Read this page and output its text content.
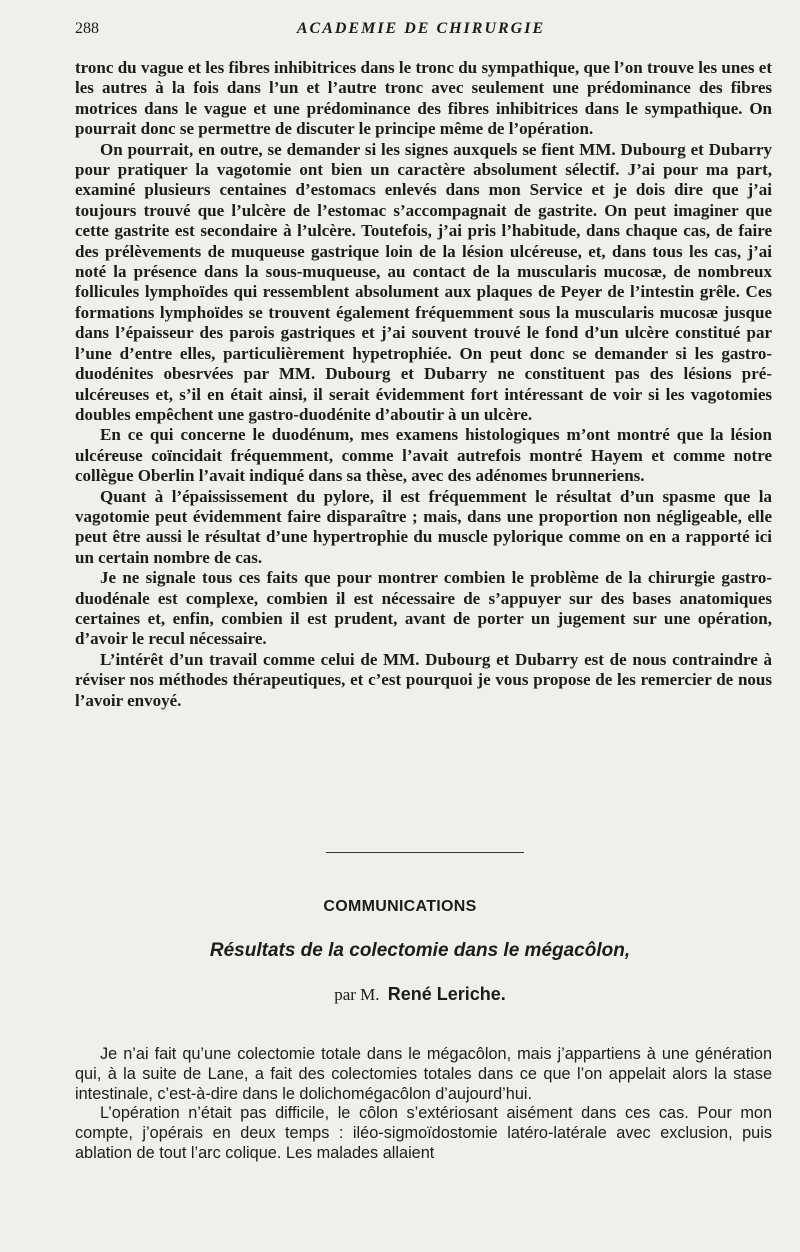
288	ACADEMIE DE CHIRURGIE

tronc du vague et les fibres inhibitrices dans le tronc du sympathique, que l’on trouve les unes et les autres à la fois dans l’un et l’autre tronc avec seulement une prédominance des fibres motrices dans le vague et une prédominance des fibres inhibitrices dans le sympathique. On pourrait donc se permettre de discuter le principe même de l’opération.

On pourrait, en outre, se demander si les signes auxquels se fient MM. Dubourg et Dubarry pour pratiquer la vagotomie ont bien un caractère absolument sélectif. J’ai pour ma part, examiné plusieurs centaines d’estomacs enlevés dans mon Service et je dois dire que j’ai toujours trouvé que l’ulcère de l’estomac s’accompagnait de gastrite. On peut imaginer que cette gastrite est secondaire à l’ulcère. Toutefois, j’ai pris l’habitude, dans chaque cas, de faire des prélèvements de muqueuse gastrique loin de la lésion ulcéreuse, et, dans tous les cas, j’ai noté la présence dans la sous-muqueuse, au contact de la muscularis mucosæ, de nombreux follicules lymphoïdes qui ressemblent absolument aux plaques de Peyer de l’intestin grêle. Ces formations lymphoïdes se trouvent également fréquemment sous la muscularis mucosæ jusque dans l’épaisseur des parois gastriques et j’ai souvent trouvé le fond d’un ulcère constitué par l’une d’entre elles, particulièrement hypetrophiée. On peut donc se demander si les gastro-duodénites obesrvées par MM. Dubourg et Dubarry ne constituent pas des lésions pré-ulcéreuses et, s’il en était ainsi, il serait évidemment fort intéressant de voir si les vagotomies doubles empêchent une gastro-duodénite d’aboutir à un ulcère.

En ce qui concerne le duodénum, mes examens histologiques m’ont montré que la lésion ulcéreuse coïncidait fréquemment, comme l’avait autrefois montré Hayem et comme notre collègue Oberlin l’avait indiqué dans sa thèse, avec des adénomes brunneriens.

Quant à l’épaississement du pylore, il est fréquemment le résultat d’un spasme que la vagotomie peut évidemment faire disparaître ; mais, dans une proportion non négligeable, elle peut être aussi le résultat d’une hypertrophie du muscle pylorique comme on en a rapporté ici un certain nombre de cas.

Je ne signale tous ces faits que pour montrer combien le problème de la chirurgie gastro-duodénale est complexe, combien il est nécessaire de s’appuyer sur des bases anatomiques certaines et, enfin, combien il est prudent, avant de porter un jugement sur une opération, d’avoir le recul nécessaire.

L’intérêt d’un travail comme celui de MM. Dubourg et Dubarry est de nous contraindre à réviser nos méthodes thérapeutiques, et c’est pourquoi je vous propose de les remercier de nous l’avoir envoyé.

COMMUNICATIONS
Résultats de la colectomie dans le mégacôlon,
par M. René Leriche.

Je n’ai fait qu’une colectomie totale dans le mégacôlon, mais j’appartiens à une génération qui, à la suite de Lane, a fait des colectomies totales dans ce que l’on appelait alors la stase intestinale, c’est-à-dire dans le dolichomégacôlon d’aujourd’hui.

L’opération n’était pas difficile, le côlon s’extériosant aisément dans ces cas. Pour mon compte, j’opérais en deux temps : iléo-sigmoïdostomie latéro-latérale avec exclusion, puis ablation de tout l’arc colique. Les malades allaient
